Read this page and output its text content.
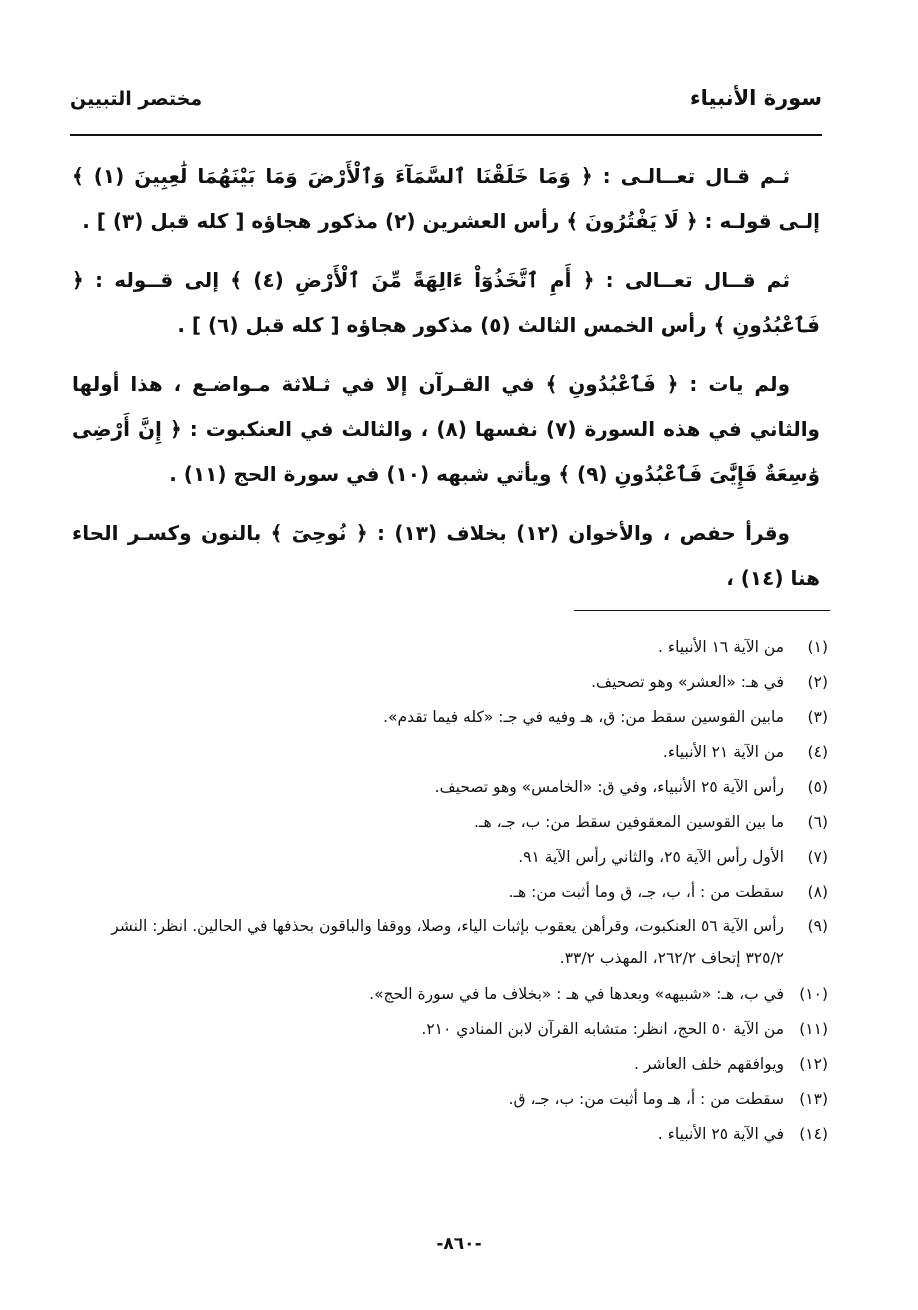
سورة الأنبياء
مختصر التبيين

ثـم قـال تعــالـى : ﴿ وَمَا خَلَقْنَا ٱلسَّمَآءَ وَٱلْأَرْضَ وَمَا بَيْنَهُمَا لَٰعِبِينَ (١) ﴾ إلـى قولـه : ﴿ لَا يَفْتُرُونَ ﴾ رأس العشرين (٢) مذكور هجاؤه [ كله قبل (٣) ] .

ثم قــال تعــالى : ﴿ أَمِ ٱتَّخَذُوٓاْ ءَالِهَةً مِّنَ ٱلْأَرْضِ (٤) ﴾ إلى قــوله : ﴿ فَٱعْبُدُونِ ﴾ رأس الخمس الثالث (٥) مذكور هجاؤه [ كله قبل (٦) ] .

ولم يات : ﴿ فَٱعْبُدُونِ ﴾ في القـرآن إلا في ثـلاثة مـواضـع ، هذا أولها والثاني في هذه السورة (٧) نفسها (٨) ، والثالث في العنكبوت : ﴿ إِنَّ أَرْضِى وَٰسِعَةٌ فَإِيَّٰىَ فَٱعْبُدُونِ (٩) ﴾ ويأتي شبهه (١٠) في سورة الحج (١١) .

وقرأ حفص ، والأخوان (١٢) بخلاف (١٣) : ﴿ نُوحِىٓ ﴾ بالنون وكسـر الحاء هنا (١٤) ،

(١)
من الآية ١٦ الأنبياء .
(٢)
في هـ: «العشر» وهو تصحيف.
(٣)
مابين القوسين سقط من: ق، هـ وفيه في جـ: «كله فيما تقدم».
(٤)
من الآية ٢١ الأنبياء.
(٥)
رأس الآية ٢٥ الأنبياء، وفي ق: «الخامس» وهو تصحيف.
(٦)
ما بين القوسين المعقوفين سقط من: ب، جـ، هـ.
(٧)
الأول رأس الآية ٢٥، والثاني رأس الآية ٩١.
(٨)
سقطت من : أ، ب، جـ، ق وما أثبت من: هـ.
(٩)
رأس الآية ٥٦ العنكبوت، وقرأهن يعقوب بإثبات الياء، وصلا، ووقفا والباقون بحذفها في الحالين. انظر: النشر ٣٢٥/٢ إتحاف ٢٦٢/٢، المهذب ٣٣/٢.
(١٠)
في ب، هـ: «شبيهه» وبعدها في هـ : «بخلاف ما في سورة الحج».
(١١)
من الآية ٥٠ الحج، انظر: متشابه القرآن لابن المنادي ٢١٠.
(١٢)
ويوافقهم خلف العاشر .
(١٣)
سقطت من : أ، هـ وما أثبت من: ب، جـ، ق.
(١٤)
في الآية ٢٥ الأنبياء .
-٨٦٠-
